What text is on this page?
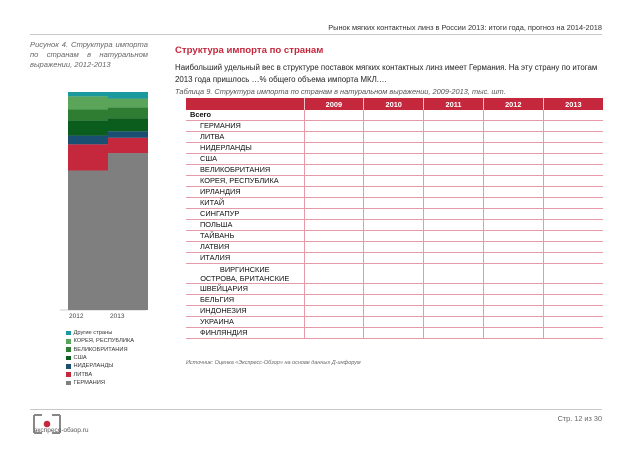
Рынок мягких контактных линз в России 2013: итоги года, прогноз на 2014-2018
Рисунок 4. Структура импорта по странам в натуральном выражении, 2012-2013
2012	2013
Другие страны
КОРЕЯ, РЕСПУБЛИКА
ВЕЛИКОБРИТАНИЯ
США
НИДЕРЛАНДЫ
ЛИТВА
ГЕРМАНИЯ
Структура импорта по странам
Наибольший удельный вес в структуре поставок мягких контактных линз имеет Германия. На эту страну по итогам 2013 года пришлось …% общего объема импорта МКЛ.…
Таблица 9. Структура импорта по странам в натуральном выражении, 2009-2013, тыс. шт.
	2009	2010	2011	2012	2013
Всего					
ГЕРМАНИЯ					
ЛИТВА					
НИДЕРЛАНДЫ					
США					
ВЕЛИКОБРИТАНИЯ					
КОРЕЯ, РЕСПУБЛИКА					
ИРЛАНДИЯ					
КИТАЙ					
СИНГАПУР					
ПОЛЬША					
ТАЙВАНЬ					
ЛАТВИЯ					
ИТАЛИЯ					
ВИРГИНСКИЕ
ОСТРОВА, БРИТАНСКИЕ					
ШВЕЙЦАРИЯ					
БЕЛЬГИЯ					
ИНДОНЕЗИЯ					
УКРАИНА					
ФИНЛЯНДИЯ					
Источник: Оценка «Экспресс-Обзор» на основе данных Д-инфорум
экспресс-обзор.ru
Стр. 12 из 30
